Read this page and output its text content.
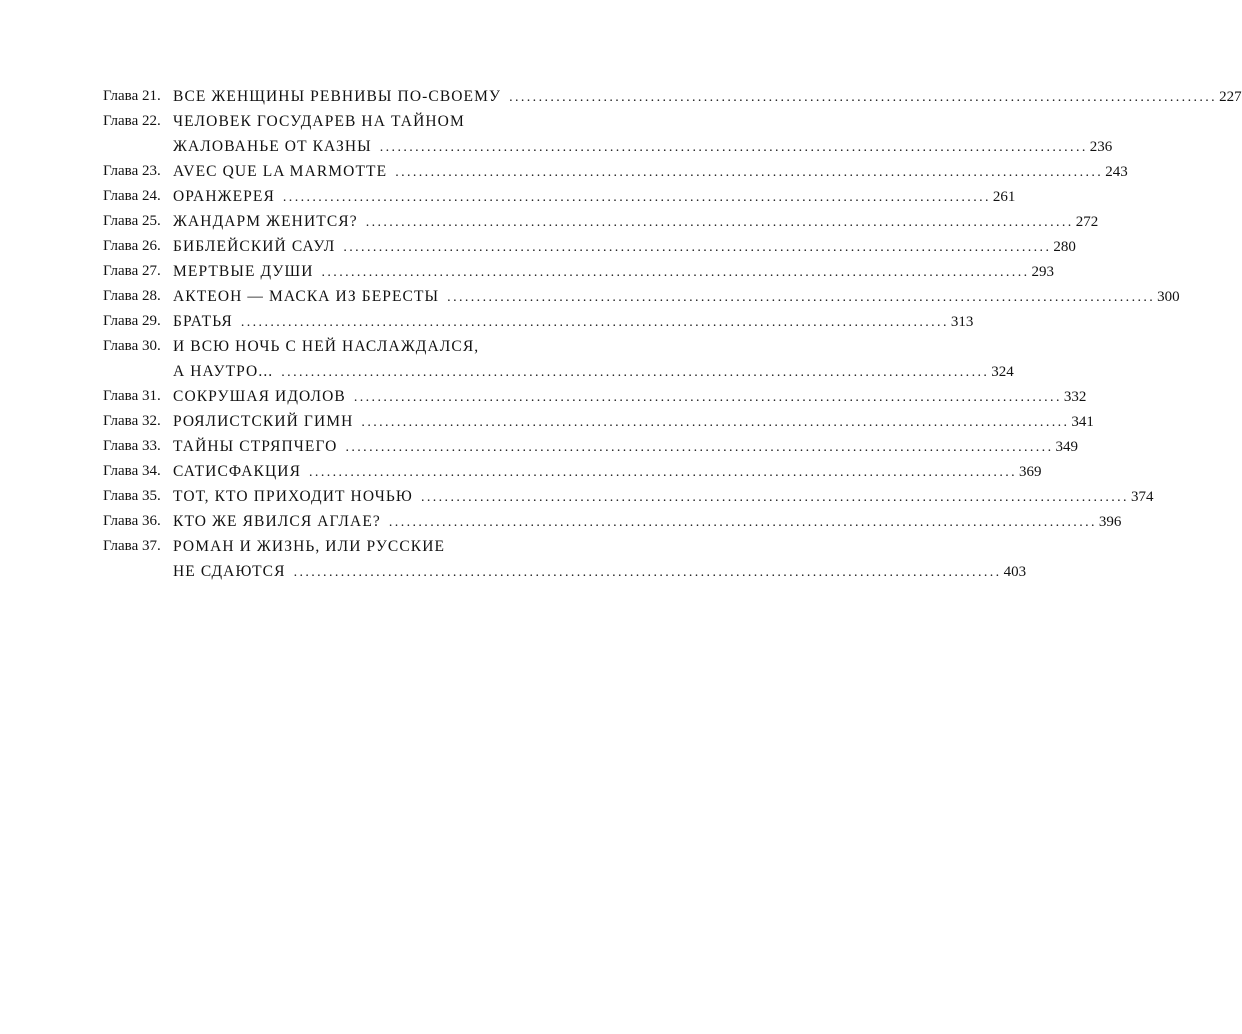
Глава 21. ВСЕ ЖЕНЩИНЫ РЕВНИВЫ ПО-СВОЕМУ ........................................................................................................................ 227
Глава 22. ЧЕЛОВЕК ГОСУДАРЕВ НА ТАЙНОМ
ЖАЛОВАНЬЕ ОТ КАЗНЫ ........................................................................................................................ 236
Глава 23. AVEC QUE LA MARMOTTE ........................................................................................................................ 243
Глава 24. ОРАНЖЕРЕЯ ........................................................................................................................ 261
Глава 25. ЖАНДАРМ ЖЕНИТСЯ? ........................................................................................................................ 272
Глава 26. БИБЛЕЙСКИЙ САУЛ ........................................................................................................................ 280
Глава 27. МЕРТВЫЕ ДУШИ ........................................................................................................................ 293
Глава 28. АКТЕОН — МАСКА ИЗ БЕРЕСТЫ ........................................................................................................................ 300
Глава 29. БРАТЬЯ ........................................................................................................................ 313
Глава 30. И ВСЮ НОЧЬ С НЕЙ НАСЛАЖДАЛСЯ,
А НАУТРО... ........................................................................................................................ 324
Глава 31. СОКРУШАЯ ИДОЛОВ ........................................................................................................................ 332
Глава 32. РОЯЛИСТСКИЙ ГИМН ........................................................................................................................ 341
Глава 33. ТАЙНЫ СТРЯПЧЕГО ........................................................................................................................ 349
Глава 34. САТИСФАКЦИЯ ........................................................................................................................ 369
Глава 35. ТОТ, КТО ПРИХОДИТ НОЧЬЮ ........................................................................................................................ 374
Глава 36. КТО ЖЕ ЯВИЛСЯ АГЛАЕ? ........................................................................................................................ 396
Глава 37. РОМАН И ЖИЗНЬ, ИЛИ РУССКИЕ
НЕ СДАЮТСЯ ........................................................................................................................ 403
